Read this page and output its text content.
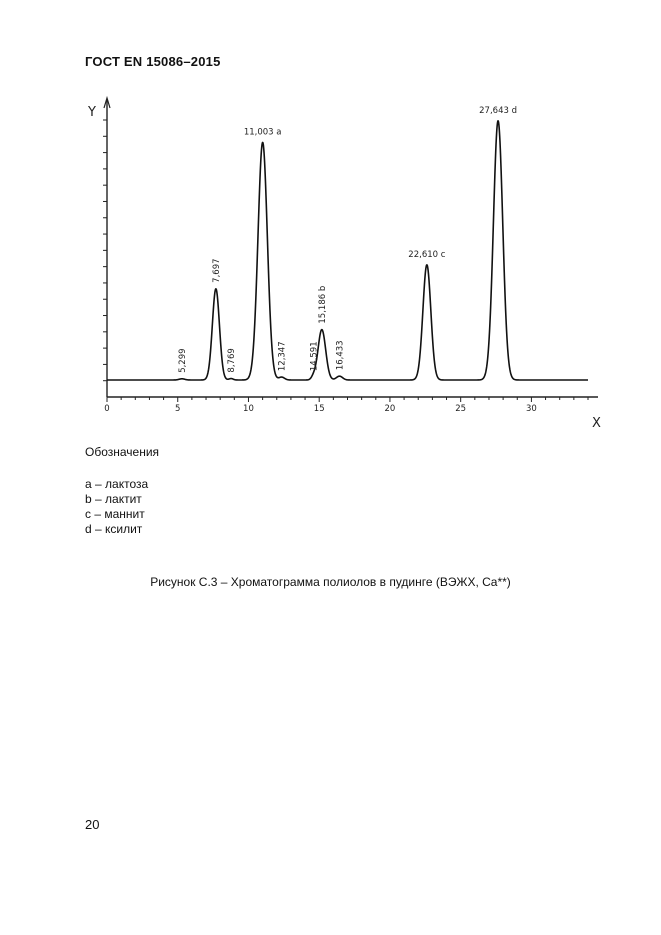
ГОСТ EN 15086–2015
0	5	10	15	20	25	30
5,299
7,697
8,769
11,003 a
12,347	14,591
15,186 b
16,433
22,610 c
27,643 d
Y
X
Обозначения
a – лактоза
b – лактит
c – маннит
d – ксилит
Рисунок С.3 – Хроматограмма полиолов в пудинге (ВЭЖХ, Ca**)
20
